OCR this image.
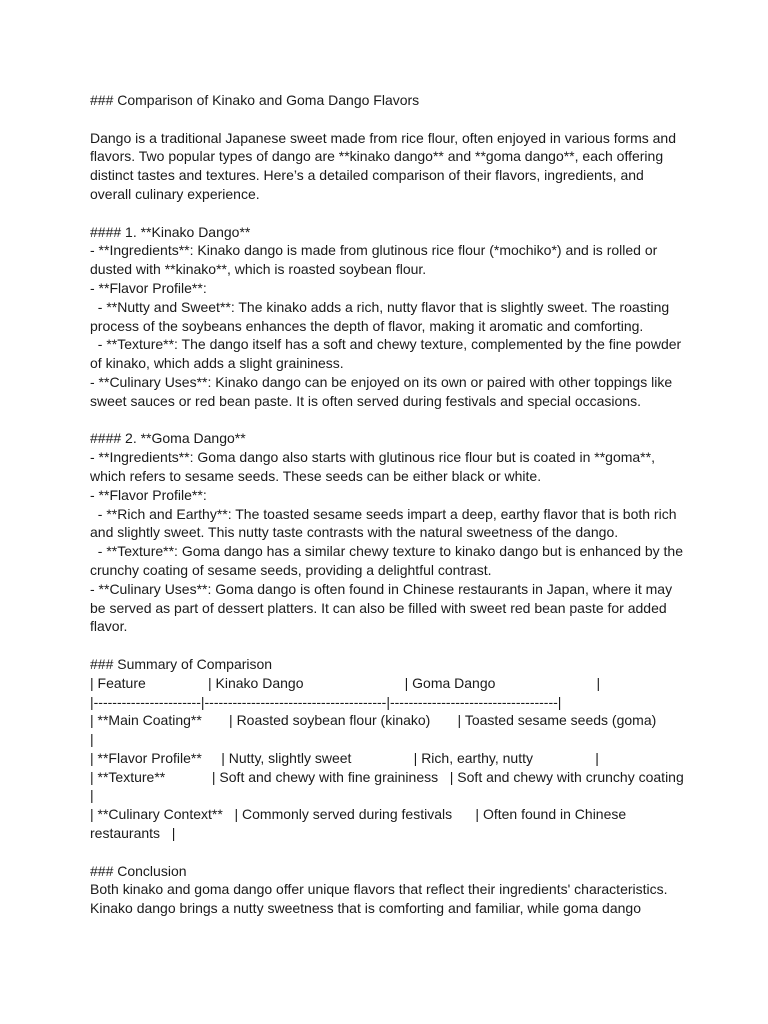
### Comparison of Kinako and Goma Dango Flavors
Dango is a traditional Japanese sweet made from rice flour, often enjoyed in various forms and
flavors. Two popular types of dango are **kinako dango** and **goma dango**, each offering
distinct tastes and textures. Here’s a detailed comparison of their flavors, ingredients, and
overall culinary experience.
#### 1. **Kinako Dango**
- **Ingredients**: Kinako dango is made from glutinous rice flour (*mochiko*) and is rolled or
dusted with **kinako**, which is roasted soybean flour.
- **Flavor Profile**:
- **Nutty and Sweet**: The kinako adds a rich, nutty flavor that is slightly sweet. The roasting
process of the soybeans enhances the depth of flavor, making it aromatic and comforting.
- **Texture**: The dango itself has a soft and chewy texture, complemented by the fine powder
of kinako, which adds a slight graininess.
- **Culinary Uses**: Kinako dango can be enjoyed on its own or paired with other toppings like
sweet sauces or red bean paste. It is often served during festivals and special occasions.
#### 2. **Goma Dango**
- **Ingredients**: Goma dango also starts with glutinous rice flour but is coated in **goma**,
which refers to sesame seeds. These seeds can be either black or white.
- **Flavor Profile**:
- **Rich and Earthy**: The toasted sesame seeds impart a deep, earthy flavor that is both rich
and slightly sweet. This nutty taste contrasts with the natural sweetness of the dango.
- **Texture**: Goma dango has a similar chewy texture to kinako dango but is enhanced by the
crunchy coating of sesame seeds, providing a delightful contrast.
- **Culinary Uses**: Goma dango is often found in Chinese restaurants in Japan, where it may
be served as part of dessert platters. It can also be filled with sweet red bean paste for added
flavor.
### Summary of Comparison
| Feature                | Kinako Dango                          | Goma Dango                          |
|-----------------------|---------------------------------------|------------------------------------|
| **Main Coating**       | Roasted soybean flour (kinako)       | Toasted sesame seeds (goma)
|
| **Flavor Profile**     | Nutty, slightly sweet                | Rich, earthy, nutty                |
| **Texture**            | Soft and chewy with fine graininess   | Soft and chewy with crunchy coating
|
| **Culinary Context**   | Commonly served during festivals      | Often found in Chinese
restaurants   |
### Conclusion
Both kinako and goma dango offer unique flavors that reflect their ingredients' characteristics.
Kinako dango brings a nutty sweetness that is comforting and familiar, while goma dango
